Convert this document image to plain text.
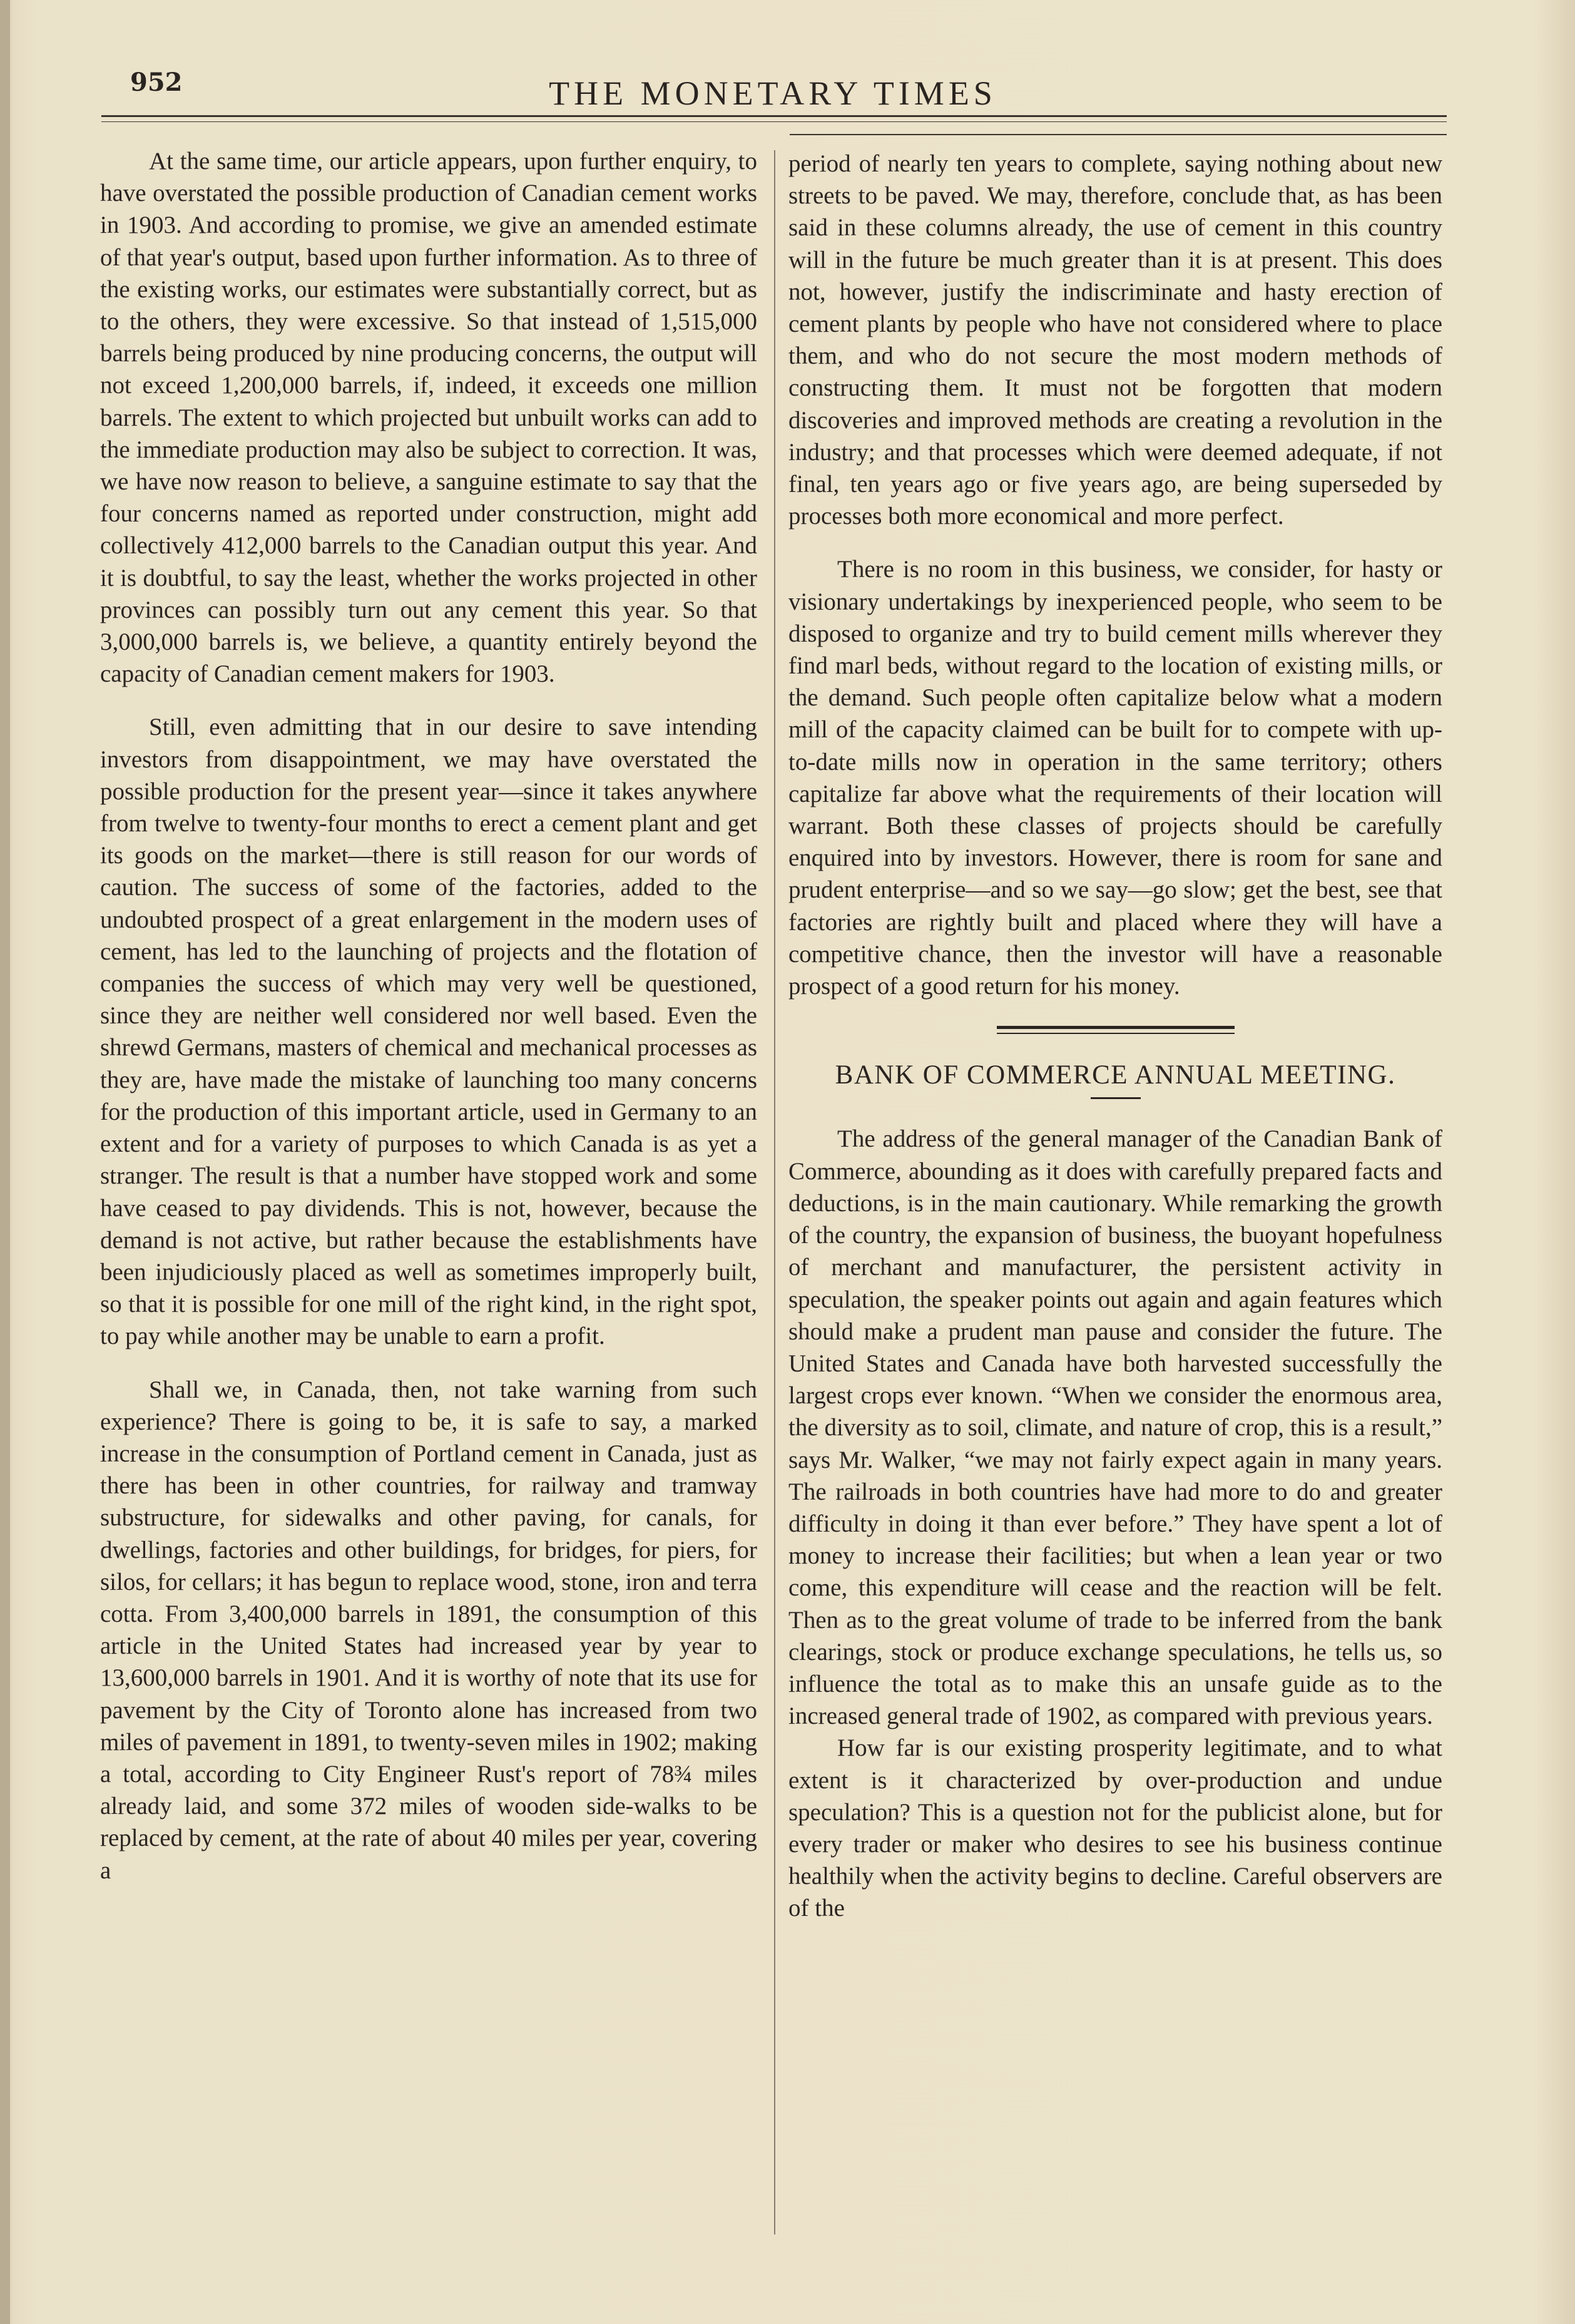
952	THE MONETARY TIMES

At the same time, our article appears, upon further enquiry, to have overstated the possible production of Canadian cement works in 1903. And according to promise, we give an amended estimate of that year's output, based upon further information. As to three of the existing works, our estimates were substantially correct, but as to the others, they were excessive. So that instead of 1,515,000 barrels being produced by nine producing concerns, the output will not exceed 1,200,000 barrels, if, indeed, it exceeds one million barrels. The extent to which projected but unbuilt works can add to the immediate production may also be subject to correction. It was, we have now reason to believe, a sanguine estimate to say that the four concerns named as reported under construction, might add collectively 412,000 barrels to the Canadian output this year. And it is doubtful, to say the least, whether the works projected in other provinces can possibly turn out any cement this year. So that 3,000,000 barrels is, we believe, a quantity entirely beyond the capacity of Canadian cement makers for 1903.

Still, even admitting that in our desire to save intending investors from disappointment, we may have overstated the possible production for the present year—since it takes anywhere from twelve to twenty-four months to erect a cement plant and get its goods on the market—there is still reason for our words of caution. The success of some of the factories, added to the undoubted prospect of a great enlargement in the modern uses of cement, has led to the launching of projects and the flotation of companies the success of which may very well be questioned, since they are neither well considered nor well based. Even the shrewd Germans, masters of chemical and mechanical processes as they are, have made the mistake of launching too many concerns for the production of this important article, used in Germany to an extent and for a variety of purposes to which Canada is as yet a stranger. The result is that a number have stopped work and some have ceased to pay dividends. This is not, however, because the demand is not active, but rather because the establishments have been injudiciously placed as well as sometimes improperly built, so that it is possible for one mill of the right kind, in the right spot, to pay while another may be unable to earn a profit.

Shall we, in Canada, then, not take warning from such experience? There is going to be, it is safe to say, a marked increase in the consumption of Portland cement in Canada, just as there has been in other countries, for railway and tramway substructure, for sidewalks and other paving, for canals, for dwellings, factories and other buildings, for bridges, for piers, for silos, for cellars; it has begun to replace wood, stone, iron and terra cotta. From 3,400,000 barrels in 1891, the consumption of this article in the United States had increased year by year to 13,600,000 barrels in 1901. And it is worthy of note that its use for pavement by the City of Toronto alone has increased from two miles of pavement in 1891, to twenty-seven miles in 1902; making a total, according to City Engineer Rust's report of 78¾ miles already laid, and some 372 miles of wooden side-walks to be replaced by cement, at the rate of about 40 miles per year, covering a

period of nearly ten years to complete, saying nothing about new streets to be paved. We may, therefore, conclude that, as has been said in these columns already, the use of cement in this country will in the future be much greater than it is at present. This does not, however, justify the indiscriminate and hasty erection of cement plants by people who have not considered where to place them, and who do not secure the most modern methods of constructing them. It must not be forgotten that modern discoveries and improved methods are creating a revolution in the industry; and that processes which were deemed adequate, if not final, ten years ago or five years ago, are being superseded by processes both more economical and more perfect.

There is no room in this business, we consider, for hasty or visionary undertakings by inexperienced people, who seem to be disposed to organize and try to build cement mills wherever they find marl beds, without regard to the location of existing mills, or the demand. Such people often capitalize below what a modern mill of the capacity claimed can be built for to compete with up-to-date mills now in operation in the same territory; others capitalize far above what the requirements of their location will warrant. Both these classes of projects should be carefully enquired into by investors. However, there is room for sane and prudent enterprise—and so we say—go slow; get the best, see that factories are rightly built and placed where they will have a competitive chance, then the investor will have a reasonable prospect of a good return for his money.

BANK OF COMMERCE ANNUAL MEETING.

The address of the general manager of the Canadian Bank of Commerce, abounding as it does with carefully prepared facts and deductions, is in the main cautionary. While remarking the growth of the country, the expansion of business, the buoyant hopefulness of merchant and manufacturer, the persistent activity in speculation, the speaker points out again and again features which should make a prudent man pause and consider the future. The United States and Canada have both harvested successfully the largest crops ever known. “When we consider the enormous area, the diversity as to soil, climate, and nature of crop, this is a result,” says Mr. Walker, “we may not fairly expect again in many years. The railroads in both countries have had more to do and greater difficulty in doing it than ever before.” They have spent a lot of money to increase their facilities; but when a lean year or two come, this expenditure will cease and the reaction will be felt. Then as to the great volume of trade to be inferred from the bank clearings, stock or produce exchange speculations, he tells us, so influence the total as to make this an unsafe guide as to the increased general trade of 1902, as compared with previous years.

How far is our existing prosperity legitimate, and to what extent is it characterized by over-production and undue speculation? This is a question not for the publicist alone, but for every trader or maker who desires to see his business continue healthily when the activity begins to decline. Careful observers are of the
